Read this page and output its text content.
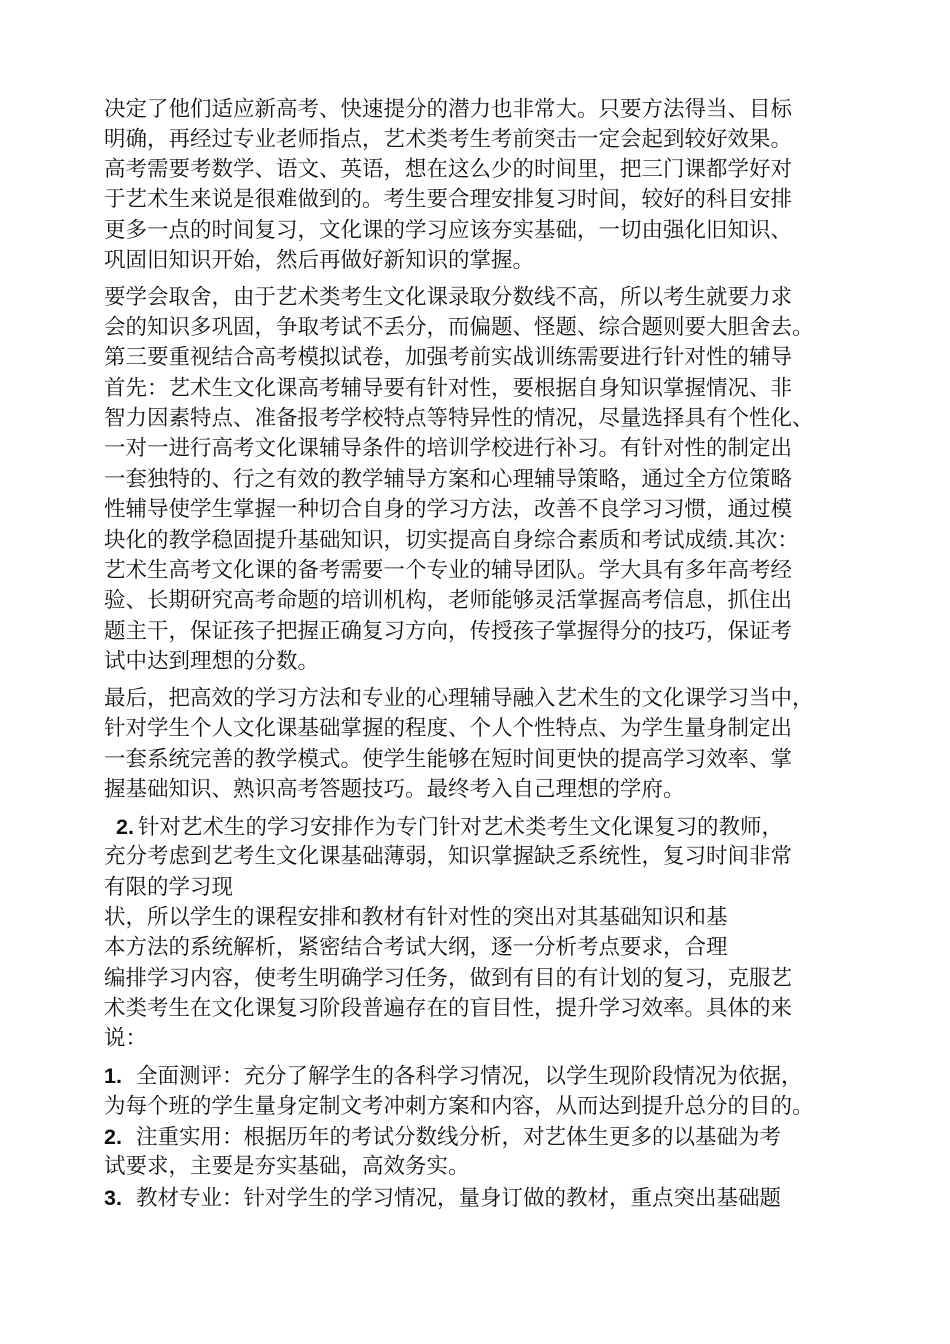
决定了他们适应新高考、快速提分的潜力也非常大。只要方法得当、目标

明确，再经过专业老师指点，艺术类考生考前突击一定会起到较好效果。

高考需要考数学、语文、英语，想在这么少的时间里，把三门课都学好对

于艺术生来说是很难做到的。考生要合理安排复习时间，较好的科目安排

更多一点的时间复习，文化课的学习应该夯实基础，一切由强化旧知识、

巩固旧知识开始，然后再做好新知识的掌握。

要学会取舍，由于艺术类考生文化课录取分数线不高，所以考生就要力求

会的知识多巩固，争取考试不丢分，而偏题、怪题、综合题则要大胆舍去。

第三要重视结合高考模拟试卷，加强考前实战训练需要进行针对性的辅导

首先：艺术生文化课高考辅导要有针对性，要根据自身知识掌握情况、非

智力因素特点、准备报考学校特点等特异性的情况，尽量选择具有个性化、

一对一进行高考文化课辅导条件的培训学校进行补习。有针对性的制定出

一套独特的、行之有效的教学辅导方案和心理辅导策略，通过全方位策略

性辅导使学生掌握一种切合自身的学习方法，改善不良学习习惯，通过模

块化的教学稳固提升基础知识，切实提高自身综合素质和考试成绩.其次：

艺术生高考文化课的备考需要一个专业的辅导团队。学大具有多年高考经

验、长期研究高考命题的培训机构，老师能够灵活掌握高考信息，抓住出

题主干，保证孩子把握正确复习方向，传授孩子掌握得分的技巧，保证考

试中达到理想的分数。

最后，把高效的学习方法和专业的心理辅导融入艺术生的文化课学习当中，

针对学生个人文化课基础掌握的程度、个人个性特点、为学生量身制定出

一套系统完善的教学模式。使学生能够在短时间更快的提高学习效率、掌

握基础知识、熟识高考答题技巧。最终考入自己理想的学府。

2. 针对艺术生的学习安排作为专门针对艺术类考生文化课复习的教师，

充分考虑到艺考生文化课基础薄弱，知识掌握缺乏系统性，复习时间非常

有限的学习现

状，所以学生的课程安排和教材有针对性的突出对其基础知识和基

本方法的系统解析，紧密结合考试大纲，逐一分析考点要求，合理

编排学习内容，使考生明确学习任务，做到有目的有计划的复习，克服艺

术类考生在文化课复习阶段普遍存在的盲目性，提升学习效率。具体的来

说：

1. 全面测评：充分了解学生的各科学习情况，以学生现阶段情况为依据，

为每个班的学生量身定制文考冲刺方案和内容，从而达到提升总分的目的。

2. 注重实用：根据历年的考试分数线分析，对艺体生更多的以基础为考

试要求，主要是夯实基础，高效务实。

3. 教材专业：针对学生的学习情况，量身订做的教材，重点突出基础题
